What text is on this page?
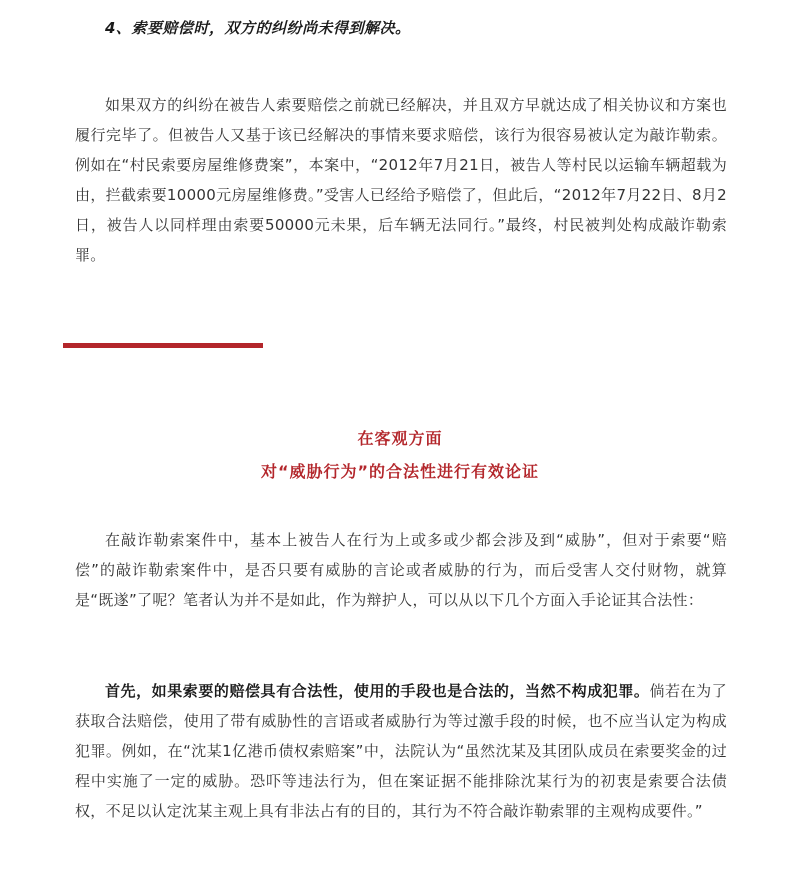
4、索要赔偿时，双方的纠纷尚未得到解决。

如果双方的纠纷在被告人索要赔偿之前就已经解决，并且双方早就达成了相关协议和方案也履行完毕了。但被告人又基于该已经解决的事情来要求赔偿，该行为很容易被认定为敲诈勒索。例如在“村民索要房屋维修费案”，本案中，“2012年7月21日，被告人等村民以运输车辆超载为由，拦截索要10000元房屋维修费。”受害人已经给予赔偿了，但此后，“2012年7月22日、8月2日，被告人以同样理由索要50000元未果，后车辆无法同行。”最终，村民被判处构成敲诈勒索罪。

在客观方面
对“威胁行为”的合法性进行有效论证

在敲诈勒索案件中，基本上被告人在行为上或多或少都会涉及到“威胁”，但对于索要“赔偿”的敲诈勒索案件中，是否只要有威胁的言论或者威胁的行为，而后受害人交付财物，就算是“既遂”了呢？笔者认为并不是如此，作为辩护人，可以从以下几个方面入手论证其合法性：

首先，如果索要的赔偿具有合法性，使用的手段也是合法的，当然不构成犯罪。倘若在为了获取合法赔偿，使用了带有威胁性的言语或者威胁行为等过激手段的时候，也不应当认定为构成犯罪。例如，在“沈某1亿港币债权索赔案”中，法院认为“虽然沈某及其团队成员在索要奖金的过程中实施了一定的威胁。恐吓等违法行为，但在案证据不能排除沈某行为的初衷是索要合法债权，不足以认定沈某主观上具有非法占有的目的，其行为不符合敲诈勒索罪的主观构成要件。”
